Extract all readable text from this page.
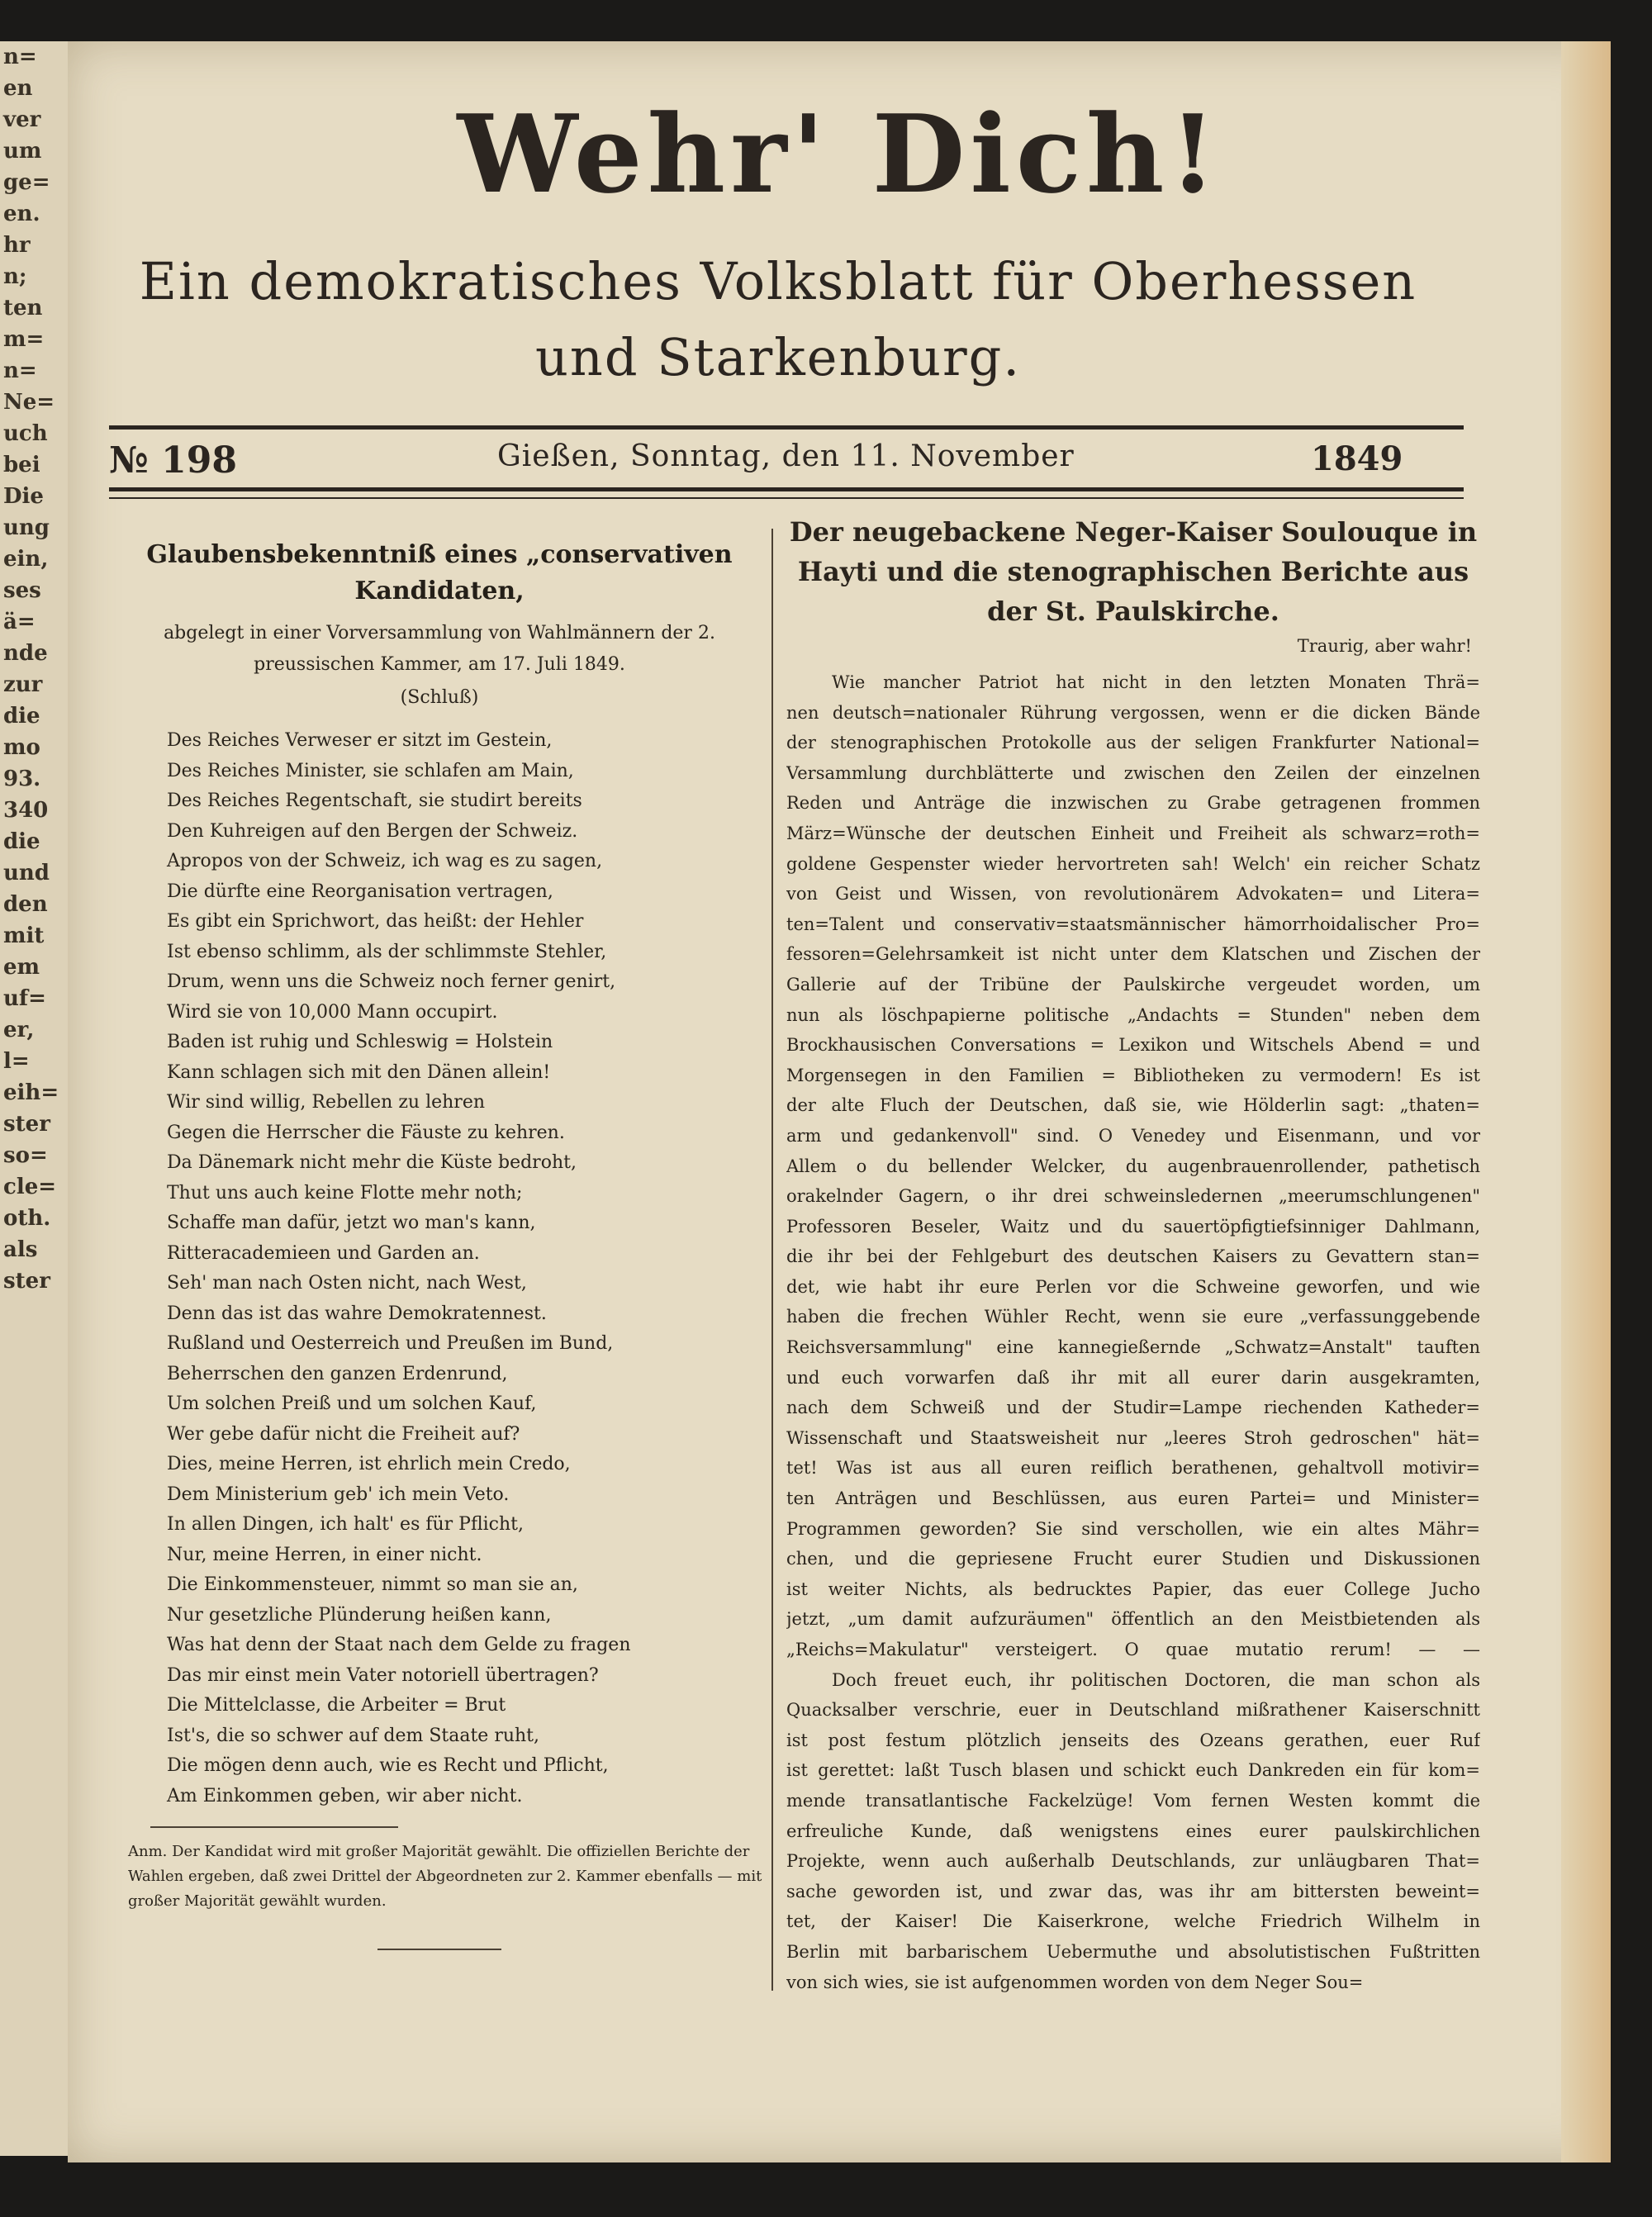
n=
en
ver
um
ge=
en.
hr
n;
ten
m=
n=
Ne=
uch
bei
Die
ung
ein,
ses
ä=
nde
zur
die
mo
93.
340
die
und
den
mit
em
uf=
er,
l=
eih=
ster
so=
cle=
oth.
als
ster
Wehr' Dich!
Ein demokratisches Volksblatt für Oberhessen und Starkenburg.
№ 198	Gießen, Sonntag, den 11. November	1849

Glaubensbekenntniß eines „conservativen Kandidaten,

abgelegt in einer Vorversammlung von Wahlmännern der 2. preussischen Kammer, am 17. Juli 1849.

(Schluß)

Des Reiches Verweser er sitzt im Gestein,
Des Reiches Minister, sie schlafen am Main,
Des Reiches Regentschaft, sie studirt bereits
Den Kuhreigen auf den Bergen der Schweiz.
Apropos von der Schweiz, ich wag es zu sagen,
Die dürfte eine Reorganisation vertragen,
Es gibt ein Sprichwort, das heißt: der Hehler
Ist ebenso schlimm, als der schlimmste Stehler,
Drum, wenn uns die Schweiz noch ferner genirt,
Wird sie von 10,000 Mann occupirt.
Baden ist ruhig und Schleswig = Holstein
Kann schlagen sich mit den Dänen allein!
Wir sind willig, Rebellen zu lehren
Gegen die Herrscher die Fäuste zu kehren.
Da Dänemark nicht mehr die Küste bedroht,
Thut uns auch keine Flotte mehr noth;
Schaffe man dafür, jetzt wo man's kann,
Ritteracademieen und Garden an.
Seh' man nach Osten nicht, nach West,
Denn das ist das wahre Demokratennest.
Rußland und Oesterreich und Preußen im Bund,
Beherrschen den ganzen Erdenrund,
Um solchen Preiß und um solchen Kauf,
Wer gebe dafür nicht die Freiheit auf?
Dies, meine Herren, ist ehrlich mein Credo,
Dem Ministerium geb' ich mein Veto.
In allen Dingen, ich halt' es für Pflicht,
Nur, meine Herren, in einer nicht.
Die Einkommensteuer, nimmt so man sie an,
Nur gesetzliche Plünderung heißen kann,
Was hat denn der Staat nach dem Gelde zu fragen
Das mir einst mein Vater notoriell übertragen?
Die Mittelclasse, die Arbeiter = Brut
Ist's, die so schwer auf dem Staate ruht,
Die mögen denn auch, wie es Recht und Pflicht,
Am Einkommen geben, wir aber nicht.

Anm. Der Kandidat wird mit großer Majorität gewählt. Die offiziellen Berichte der Wahlen ergeben, daß zwei Drittel der Abgeordneten zur 2. Kammer ebenfalls — mit großer Majorität gewählt wurden.

Der neugebackene Neger-Kaiser Soulouque in Hayti und die stenographischen Berichte aus der St. Paulskirche.

Traurig, aber wahr!

Wie mancher Patriot hat nicht in den letzten Monaten Thrä=
nen deutsch=nationaler Rührung vergossen, wenn er die dicken Bände
der stenographischen Protokolle aus der seligen Frankfurter National=
Versammlung durchblätterte und zwischen den Zeilen der einzelnen
Reden und Anträge die inzwischen zu Grabe getragenen frommen
März=Wünsche der deutschen Einheit und Freiheit als schwarz=roth=
goldene Gespenster wieder hervortreten sah! Welch' ein reicher Schatz
von Geist und Wissen, von revolutionärem Advokaten= und Litera=
ten=Talent und conservativ=staatsmännischer hämorrhoidalischer Pro=
fessoren=Gelehrsamkeit ist nicht unter dem Klatschen und Zischen der
Gallerie auf der Tribüne der Paulskirche vergeudet worden, um
nun als löschpapierne politische „Andachts = Stunden" neben dem
Brockhausischen Conversations = Lexikon und Witschels Abend = und
Morgensegen in den Familien = Bibliotheken zu vermodern! Es ist
der alte Fluch der Deutschen, daß sie, wie Hölderlin sagt: „thaten=
arm und gedankenvoll" sind. O Venedey und Eisenmann, und vor
Allem o du bellender Welcker, du augenbrauenrollender, pathetisch
orakelnder Gagern, o ihr drei schweinsledernen „meerumschlungenen"
Professoren Beseler, Waitz und du sauertöpfigtiefsinniger Dahlmann,
die ihr bei der Fehlgeburt des deutschen Kaisers zu Gevattern stan=
det, wie habt ihr eure Perlen vor die Schweine geworfen, und wie
haben die frechen Wühler Recht, wenn sie eure „verfassunggebende
Reichsversammlung" eine kannegießernde „Schwatz=Anstalt" tauften
und euch vorwarfen daß ihr mit all eurer darin ausgekramten,
nach dem Schweiß und der Studir=Lampe riechenden Katheder=
Wissenschaft und Staatsweisheit nur „leeres Stroh gedroschen" hät=
tet! Was ist aus all euren reiflich berathenen, gehaltvoll motivir=
ten Anträgen und Beschlüssen, aus euren Partei= und Minister=
Programmen geworden? Sie sind verschollen, wie ein altes Mähr=
chen, und die gepriesene Frucht eurer Studien und Diskussionen
ist weiter Nichts, als bedrucktes Papier, das euer College Jucho
jetzt, „um damit aufzuräumen" öffentlich an den Meistbietenden als
„Reichs=Makulatur" versteigert. O quae mutatio rerum! — —
Doch freuet euch, ihr politischen Doctoren, die man schon als
Quacksalber verschrie, euer in Deutschland mißrathener Kaiserschnitt
ist post festum plötzlich jenseits des Ozeans gerathen, euer Ruf
ist gerettet: laßt Tusch blasen und schickt euch Dankreden ein für kom=
mende transatlantische Fackelzüge! Vom fernen Westen kommt die
erfreuliche Kunde, daß wenigstens eines eurer paulskirchlichen
Projekte, wenn auch außerhalb Deutschlands, zur unläugbaren That=
sache geworden ist, und zwar das, was ihr am bittersten beweint=
tet, der Kaiser! Die Kaiserkrone, welche Friedrich Wilhelm in
Berlin mit barbarischem Uebermuthe und absolutistischen Fußtritten
von sich wies, sie ist aufgenommen worden von dem Neger Sou=
